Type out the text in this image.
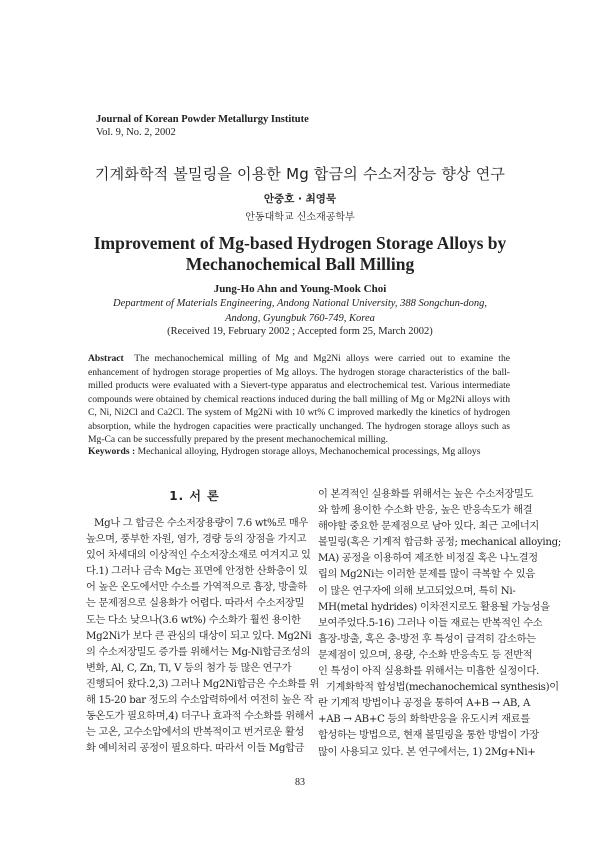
Journal of Korean Powder Metallurgy Institute
Vol. 9, No. 2, 2002
기계화학적 볼밀링을 이용한 Mg 합금의 수소저장능 향상 연구
안중호 · 최영묵
안동대학교 신소재공학부
Improvement of Mg-based Hydrogen Storage Alloys by
Mechanochemical Ball Milling
Jung-Ho Ahn and Young-Mook Choi
Department of Materials Engineering, Andong National University, 388 Songchun-dong,
Andong, Gyungbuk 760-749, Korea
(Received 19, February 2002 ; Accepted form 25, March 2002)
Abstract The mechanochemical milling of Mg and Mg2Ni alloys were carried out to examine the enhancement of hydrogen storage properties of Mg alloys. The hydrogen storage characteristics of the ball-milled products were evaluated with a Sievert-type apparatus and electrochemical test. Various intermediate compounds were obtained by chemical reactions induced during the ball milling of Mg or Mg2Ni alloys with C, Ni, Ni2Cl and Ca2Cl. The system of Mg2Ni with 10 wt% C improved markedly the kinetics of hydrogen absorption, while the hydrogen capacities were practically unchanged. The hydrogen storage alloys such as Mg-Ca can be successfully prepared by the present mechanochemical milling.
Keywords : Mechanical alloying, Hydrogen storage alloys, Mechanochemical processings, Mg alloys
1. 서 론
Mg나 그 합금은 수소저장용량이 7.6 wt%로 매우
높으며, 풍부한 자원, 염가, 경량 등의 장점을 가지고
있어 차세대의 이상적인 수소저장소재로 여겨지고 있
다.1) 그러나 금속 Mg는 표면에 안정한 산화층이 있
어 높은 온도에서만 수소를 가역적으로 흡장, 방출하
는 문제점으로 실용화가 어렵다. 따라서 수소저장밀
도는 다소 낮으나(3.6 wt%) 수소화가 훨씬 용이한
Mg2Ni가 보다 큰 관심의 대상이 되고 있다. Mg2Ni
의 수소저장밀도 증가를 위해서는 Mg-Ni합금조성의
변화, Al, C, Zn, Ti, V 등의 첨가 등 많은 연구가
진행되어 왔다.2,3) 그러나 Mg2Ni합금은 수소화를 위
해 15-20 bar 정도의 수소압력하에서 여전히 높은 작
동온도가 필요하며,4) 더구나 효과적 수소화를 위해서
는 고온, 고수소압에서의 반복적이고 번거로운 활성
화 예비처리 공정이 필요하다. 따라서 이들 Mg합금
이 본격적인 실용화를 위해서는 높은 수소저장밀도
와 함께 용이한 수소화 반응, 높은 반응속도가 해결
해야할 중요한 문제점으로 남아 있다. 최근 고에너지
볼밀링(혹은 기계적 합금화 공정; mechanical alloying;
MA) 공정을 이용하여 제조한 비정질 혹은 나노결정
립의 Mg2Ni는 이러한 문제를 많이 극복할 수 있음
이 많은 연구자에 의해 보고되었으며, 특히 Ni-
MH(metal hydrides) 이차전지로도 활용될 가능성을
보여주었다.5-16) 그러나 이들 재료는 반복적인 수소
흡장-방출, 혹은 충-방전 후 특성이 급격히 감소하는
문제점이 있으며, 용량, 수소화 반응속도 등 전반적
인 특성이 아직 실용화를 위해서는 미흡한 실정이다.
기계화학적 합성법(mechanochemical synthesis)이
란 기계적 방법이나 공정을 통하여 A+B → AB, A
+AB → AB+C 등의 화학반응을 유도시켜 재료를
합성하는 방법으로, 현재 볼밀링을 통한 방법이 가장
많이 사용되고 있다. 본 연구에서는, 1) 2Mg+Ni+
83
